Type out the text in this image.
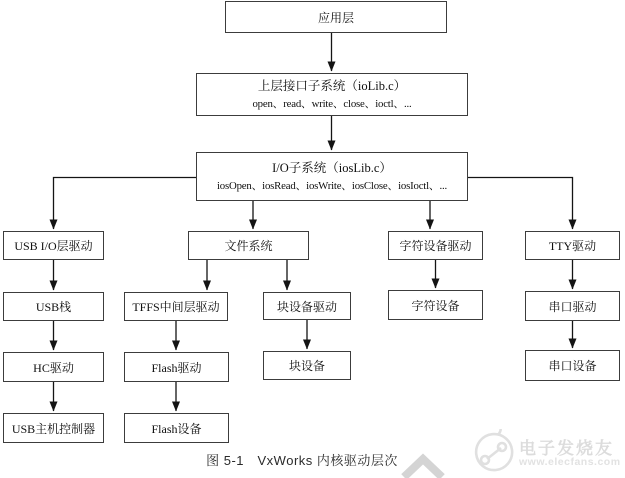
应用层
上层接口子系统（ioLib.c）
open、read、write、close、ioctl、...
I/O子系统（iosLib.c）
iosOpen、iosRead、iosWrite、iosClose、iosIoctl、...
USB I/O层驱动	文件系统	字符设备驱动	TTY驱动
USB栈	TFFS中间层驱动	块设备驱动	字符设备	串口驱动
HC驱动	Flash驱动	块设备	串口设备
USB主机控制器	Flash设备
图 5-1　VxWorks 内核驱动层次
电子发烧友
www.elecfans.com
